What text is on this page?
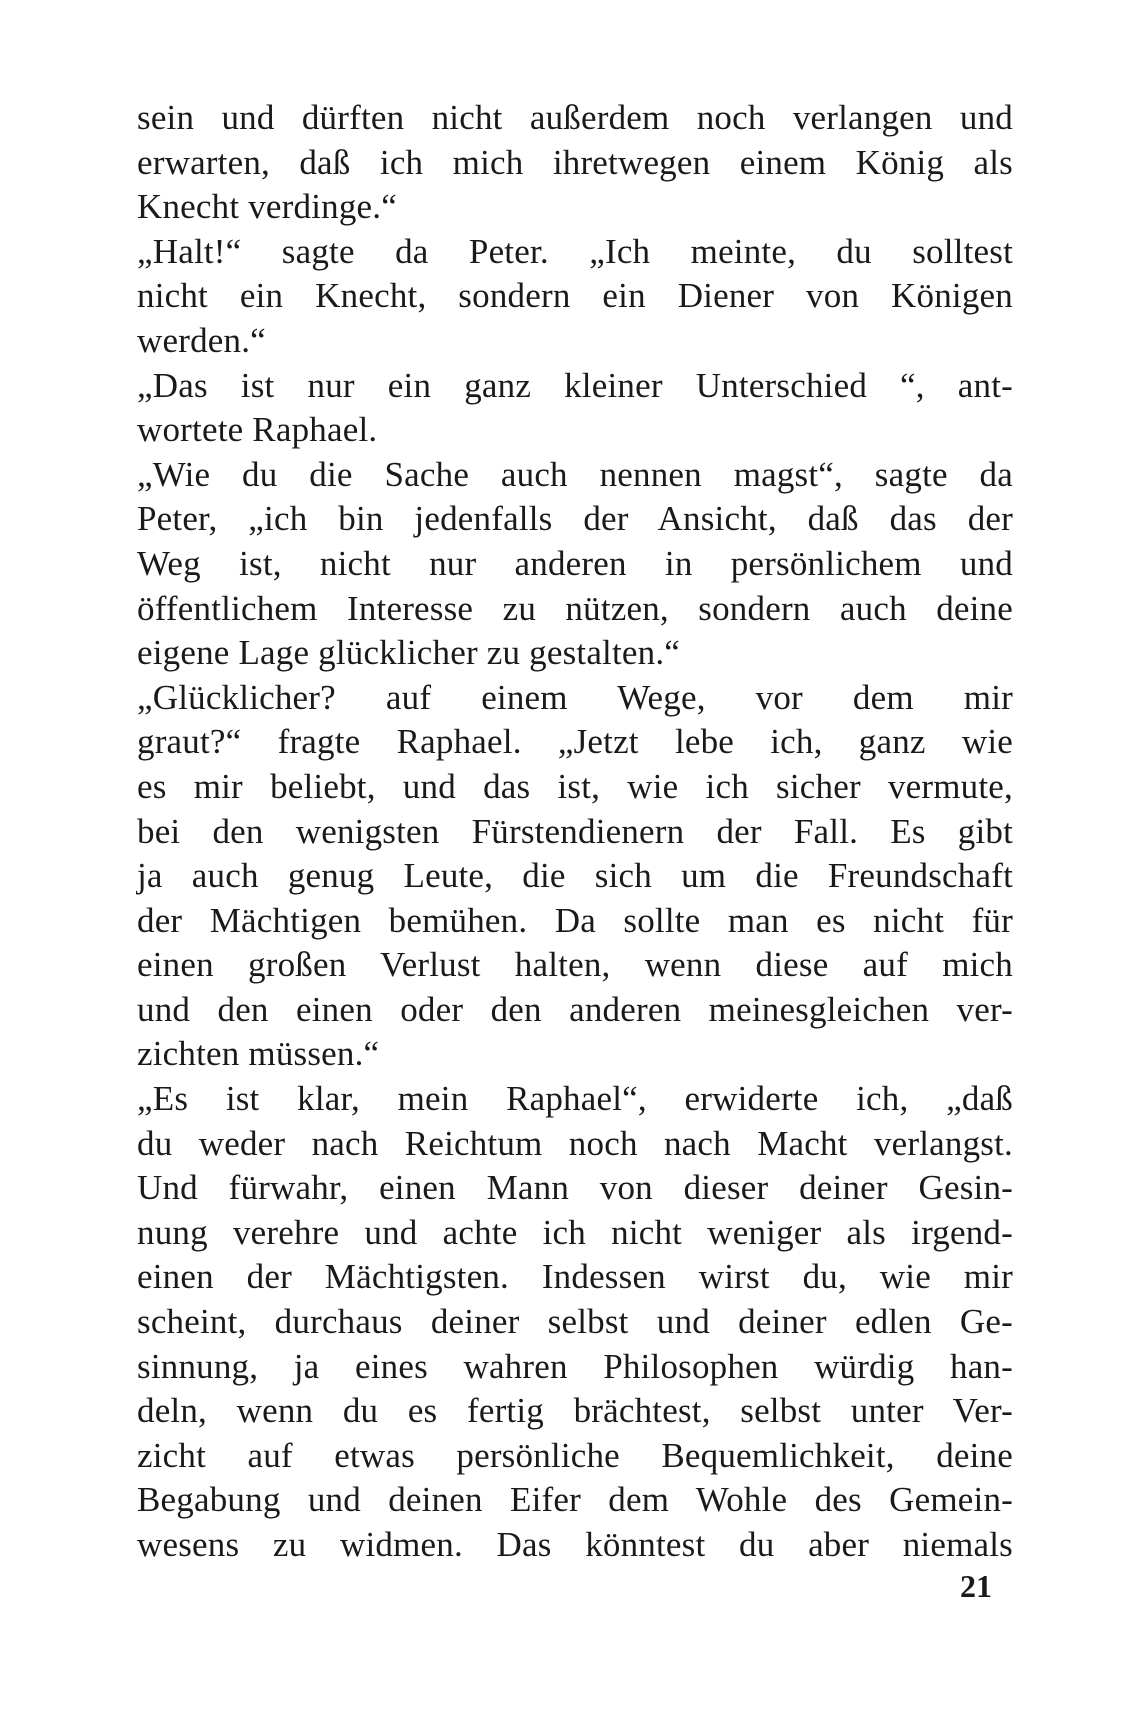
sein und dürften nicht außerdem noch verlangen und
erwarten, daß ich mich ihretwegen einem König als
Knecht verdinge.“
„Halt!“ sagte da Peter. „Ich meinte, du solltest
nicht ein Knecht, sondern ein Diener von Königen
werden.“
„Das ist nur ein ganz kleiner Unterschied “, ant-
wortete Raphael.
„Wie du die Sache auch nennen magst“, sagte da
Peter, „ich bin jedenfalls der Ansicht, daß das der
Weg ist, nicht nur anderen in persönlichem und
öffentlichem Interesse zu nützen, sondern auch deine
eigene Lage glücklicher zu gestalten.“
„Glücklicher? auf einem Wege, vor dem mir
graut?“ fragte Raphael. „Jetzt lebe ich, ganz wie
es mir beliebt, und das ist, wie ich sicher vermute,
bei den wenigsten Fürstendienern der Fall. Es gibt
ja auch genug Leute, die sich um die Freundschaft
der Mächtigen bemühen. Da sollte man es nicht für
einen großen Verlust halten, wenn diese auf mich
und den einen oder den anderen meinesgleichen ver-
zichten müssen.“
„Es ist klar, mein Raphael“, erwiderte ich, „daß
du weder nach Reichtum noch nach Macht verlangst.
Und fürwahr, einen Mann von dieser deiner Gesin-
nung verehre und achte ich nicht weniger als irgend-
einen der Mächtigsten. Indessen wirst du, wie mir
scheint, durchaus deiner selbst und deiner edlen Ge-
sinnung, ja eines wahren Philosophen würdig han-
deln, wenn du es fertig brächtest, selbst unter Ver-
zicht auf etwas persönliche Bequemlichkeit, deine
Begabung und deinen Eifer dem Wohle des Gemein-
wesens zu widmen. Das könntest du aber niemals
21
